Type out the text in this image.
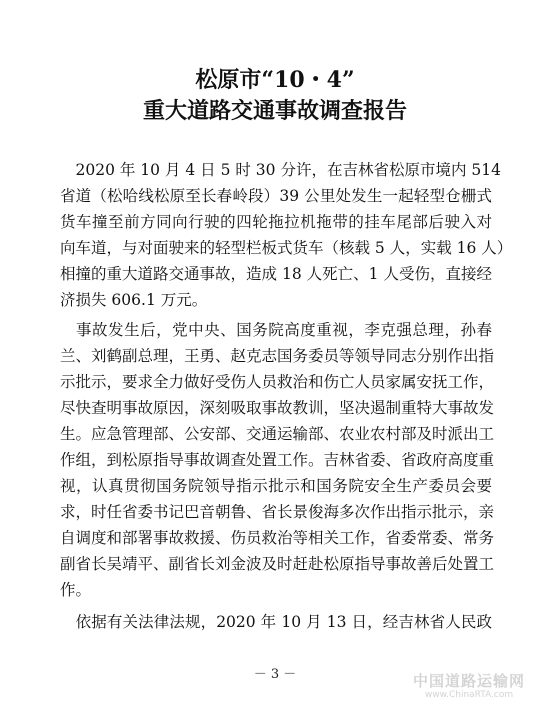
松原市“10・4”
重大道路交通事故调查报告
　2020 年 10 月 4 日 5 时 30 分许，在吉林省松原市境内 514
省道（松哈线松原至长春岭段）39 公里处发生一起轻型仓栅式
货车撞至前方同向行驶的四轮拖拉机拖带的挂车尾部后驶入对
向车道，与对面驶来的轻型栏板式货车（核载 5 人，实载 16 人）
相撞的重大道路交通事故，造成 18 人死亡、1 人受伤，直接经
济损失 606.1 万元。
　事故发生后，党中央、国务院高度重视，李克强总理，孙春
兰、刘鹤副总理，王勇、赵克志国务委员等领导同志分别作出指
示批示，要求全力做好受伤人员救治和伤亡人员家属安抚工作，
尽快查明事故原因，深刻吸取事故教训，坚决遏制重特大事故发
生。应急管理部、公安部、交通运输部、农业农村部及时派出工
作组，到松原指导事故调查处置工作。吉林省委、省政府高度重
视，认真贯彻国务院领导指示批示和国务院安全生产委员会要
求，时任省委书记巴音朝鲁、省长景俊海多次作出指示批示，亲
自调度和部署事故救援、伤员救治等相关工作，省委常委、常务
副省长吴靖平、副省长刘金波及时赶赴松原指导事故善后处置工
作。
　依据有关法律法规，2020 年 10 月 13 日，经吉林省人民政
－ 3 －	中国道路运输网
www.ChinaRTA.com
